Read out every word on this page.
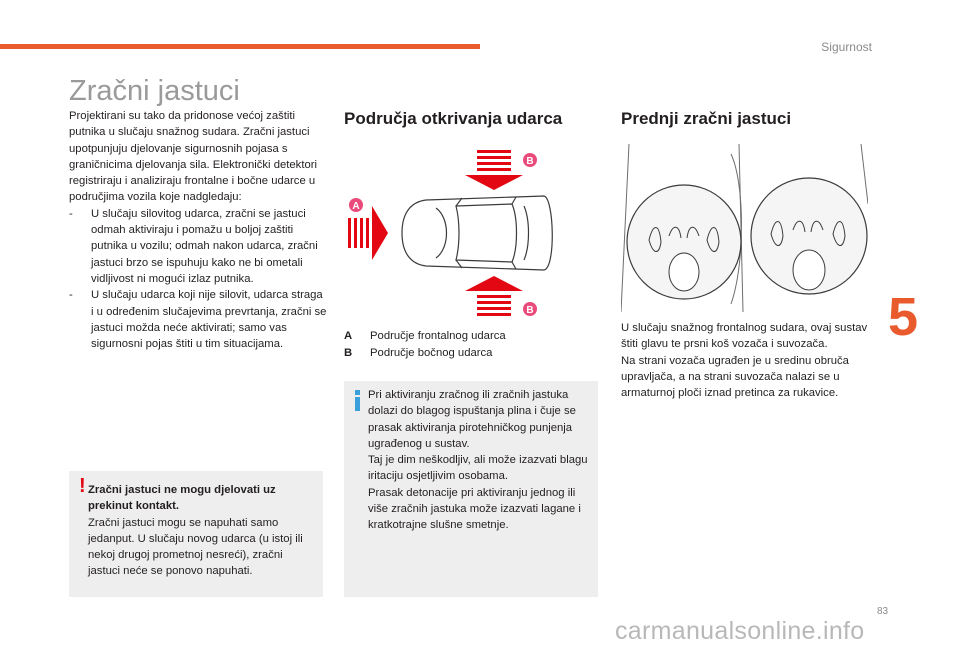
Sigurnost
Zračni jastuci

Projektirani su tako da pridonose većoj zaštiti putnika u slučaju snažnog sudara. Zračni jastuci upotpunjuju djelovanje sigurnosnih pojasa s graničnicima djelovanja sila. Elektronički detektori registriraju i analiziraju frontalne i bočne udarce u područjima vozila koje nadgledaju:

-	U slučaju silovitog udarca, zračni se jastuci odmah aktiviraju i pomažu u boljoj zaštiti putnika u vozilu; odmah nakon udarca, zračni jastuci brzo se ispuhuju kako ne bi ometali vidljivost ni mogući izlaz putnika.
-	U slučaju udarca koji nije silovit, udarca straga i u određenim slučajevima prevrtanja, zračni se jastuci možda neće aktivirati; samo vas sigurnosni pojas štiti u tim situacijama.
! Zračni jastuci ne mogu djelovati uz prekinut kontakt.
Zračni jastuci mogu se napuhati samo jedanput. U slučaju novog udarca (u istoj ili nekoj drugoj prometnoj nesreći), zračni jastuci neće se ponovo napuhati.
Područja otkrivanja udarca
B
A
B
A	Područje frontalnog udarca
B	Područje bočnog udarca
Pri aktiviranju zračnog ili zračnih jastuka dolazi do blagog ispuštanja plina i čuje se prasak aktiviranja pirotehničkog punjenja ugrađenog u sustav.
Taj je dim neškodljiv, ali može izazvati blagu iritaciju osjetljivim osobama.
Prasak detonacije pri aktiviranju jednog ili više zračnih jastuka može izazvati lagane i kratkotrajne slušne smetnje.
Prednji zračni jastuci

U slučaju snažnog frontalnog sudara, ovaj sustav štiti glavu te prsni koš vozača i suvozača.

Na strani vozača ugrađen je u sredinu obruča upravljača, a na strani suvozača nalazi se u armaturnoj ploči iznad pretinca za rukavice.

5
83
carmanualsonline.info
